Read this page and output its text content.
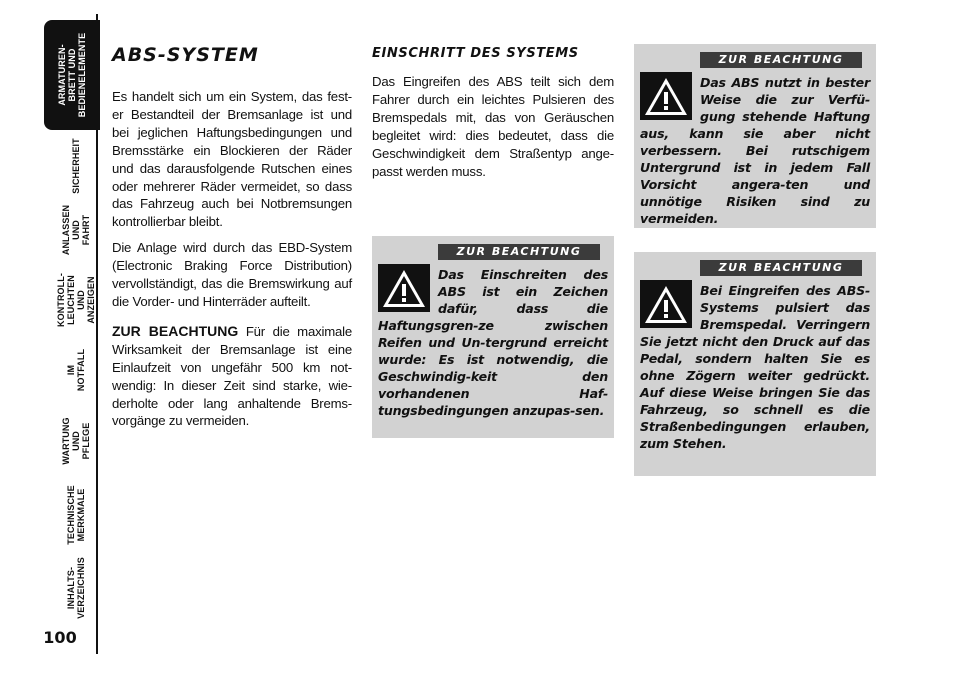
ARMATUREN-
BRETT UND
BEDIENELEMENTE
SICHERHEIT
ANLASSEN
UND FAHRT
KONTROLL-
LEUCHTEN
UND ANZEIGEN
IM NOTFALL
WARTUNG
UND PFLEGE
TECHNISCHE
MERKMALE
INHALTS-
VERZEICHNIS
100
ABS-SYSTEM

Es handelt sich um ein System, das fest-er Bestandteil der Bremsanlage ist und bei jeglichen Haftungsbedingungen und Bremsstärke ein Blockieren der Räder und das darausfolgende Rutschen eines oder mehrerer Räder vermeidet, so dass das Fahrzeug auch bei Notbremsungen kontrollierbar bleibt.

Die Anlage wird durch das EBD-System (Electronic Braking Force Distribution) vervollständigt, das die Bremswirkung auf die Vorder- und Hinterräder aufteilt.

ZUR BEACHTUNG Für die maximale Wirksamkeit der Bremsanlage ist eine Einlaufzeit von ungefähr 500 km not-wendig: In dieser Zeit sind starke, wie-derholte oder lang anhaltende Brems-vorgänge zu vermeiden.

EINSCHRITT DES SYSTEMS

Das Eingreifen des ABS teilt sich dem Fahrer durch ein leichtes Pulsieren des Bremspedals mit, das von Geräuschen begleitet wird: dies bedeutet, dass die Geschwindigkeit dem Straßentyp ange-passt werden muss.

ZUR BEACHTUNG

Das Einschreiten des ABS ist ein Zeichen dafür, dass die Haftungsgren-ze zwischen Reifen und Un-tergrund erreicht wurde: Es ist notwendig, die Geschwindig-keit den vorhandenen Haf-tungsbedingungen anzupas-sen.

ZUR BEACHTUNG

Das ABS nutzt in bester Weise die zur Verfü-gung stehende Haftung aus, kann sie aber nicht verbessern. Bei rutschigem Untergrund ist in jedem Fall Vorsicht angera-ten und unnötige Risiken sind zu vermeiden.

ZUR BEACHTUNG

Bei Eingreifen des ABS-Systems pulsiert das Bremspedal. Verringern Sie jetzt nicht den Druck auf das Pedal, sondern halten Sie es ohne Zögern weiter gedrückt. Auf diese Weise bringen Sie das Fahrzeug, so schnell es die Straßenbedingungen erlauben, zum Stehen.
